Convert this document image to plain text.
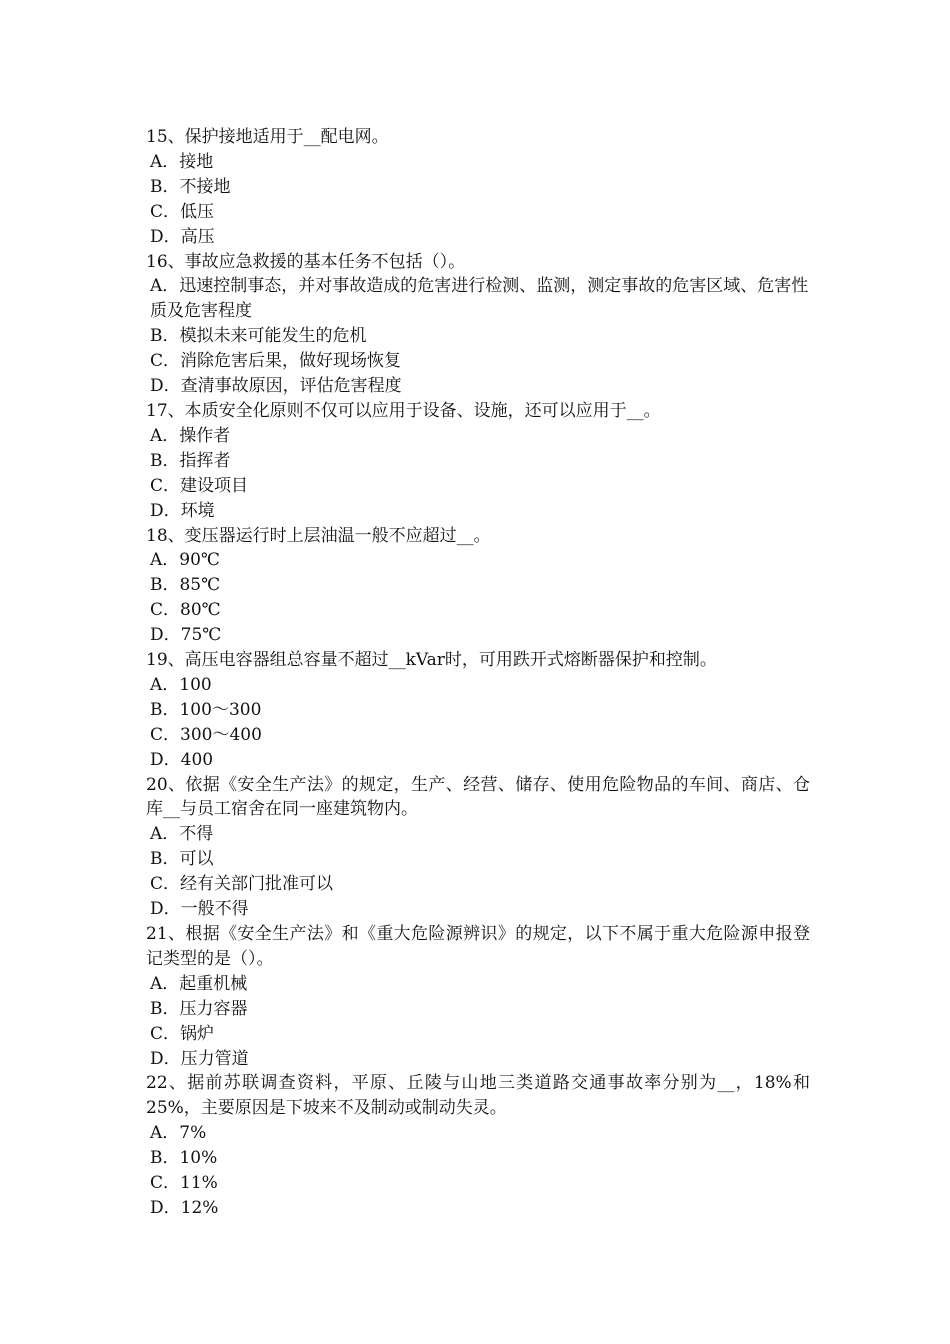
15、保护接地适用于__配电网。

A．接地

B．不接地

C．低压

D．高压

16、事故应急救援的基本任务不包括（）。

A．迅速控制事态，并对事故造成的危害进行检测、监测，测定事故的危害区域、危害性质及危害程度

B．模拟未来可能发生的危机

C．消除危害后果，做好现场恢复

D．查清事故原因，评估危害程度

17、本质安全化原则不仅可以应用于设备、设施，还可以应用于__。

A．操作者

B．指挥者

C．建设项目

D．环境

18、变压器运行时上层油温一般不应超过__。

A．90℃

B．85℃

C．80℃

D．75℃

19、高压电容器组总容量不超过__kVar时，可用跌开式熔断器保护和控制。

A．100

B．100～300

C．300～400

D．400

20、依据《安全生产法》的规定，生产、经营、储存、使用危险物品的车间、商店、仓库__与员工宿舍在同一座建筑物内。

A．不得

B．可以

C．经有关部门批准可以

D．一般不得

21、根据《安全生产法》和《重大危险源辨识》的规定，以下不属于重大危险源申报登记类型的是（）。

A．起重机械

B．压力容器

C．锅炉

D．压力管道

22、据前苏联调查资料，平原、丘陵与山地三类道路交通事故率分别为__，18%和25%，主要原因是下坡来不及制动或制动失灵。

A．7%

B．10%

C．11%

D．12%
